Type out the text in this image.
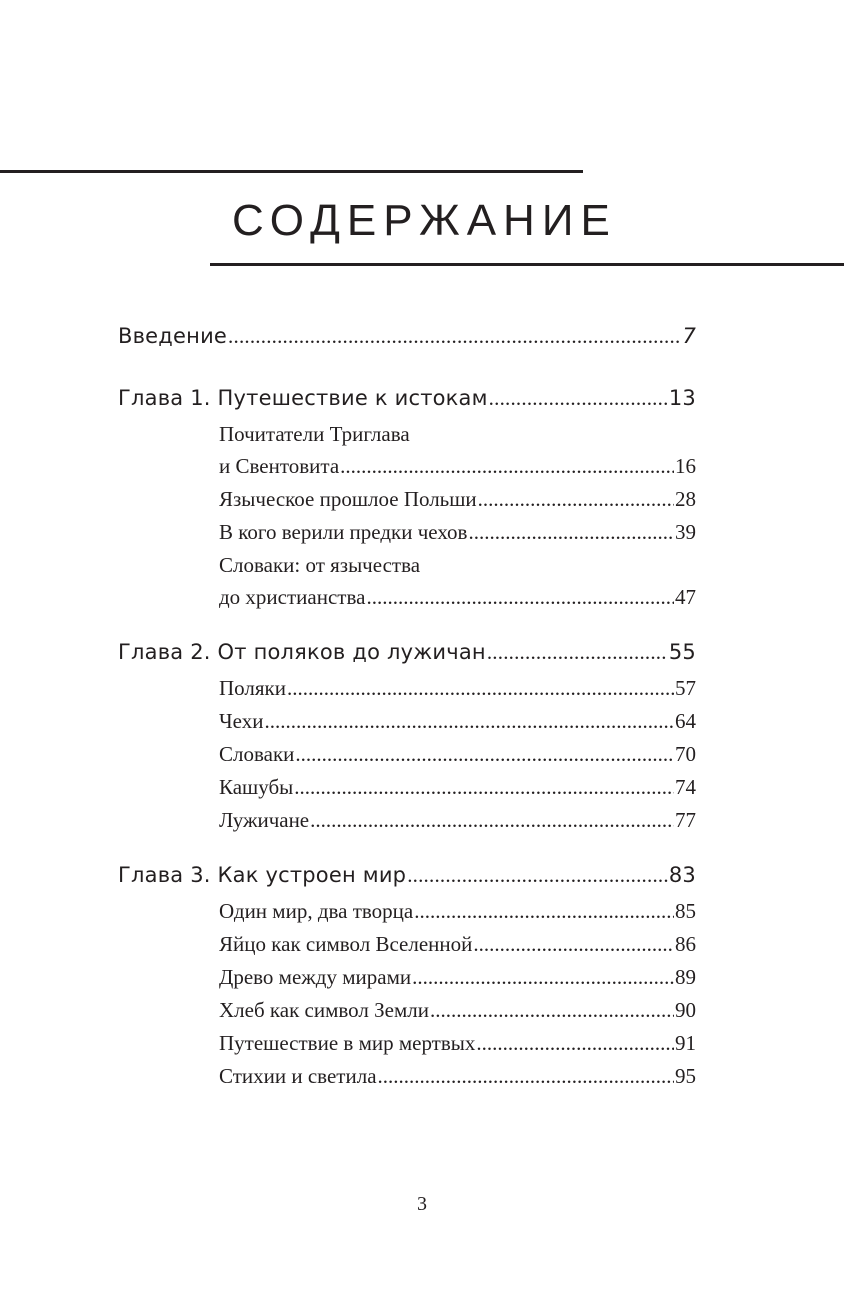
СОДЕРЖАНИЕ
Введение .....	7
Глава 1. Путешествие к истокам .....	13
Почитатели Триглава
и Свентовита .....	16
Языческое прошлое Польши .....	28
В кого верили предки чехов .....	39
Словаки: от язычества
до христианства .....	47
Глава 2. От поляков до лужичан .....	55
Поляки .....	57
Чехи .....	64
Словаки .....	70
Кашубы .....	74
Лужичане .....	77
Глава 3. Как устроен мир .....	83
Один мир, два творца .....	85
Яйцо как символ Вселенной .....	86
Древо между мирами .....	89
Хлеб как символ Земли .....	90
Путешествие в мир мертвых .....	91
Стихии и светила .....	95
3
